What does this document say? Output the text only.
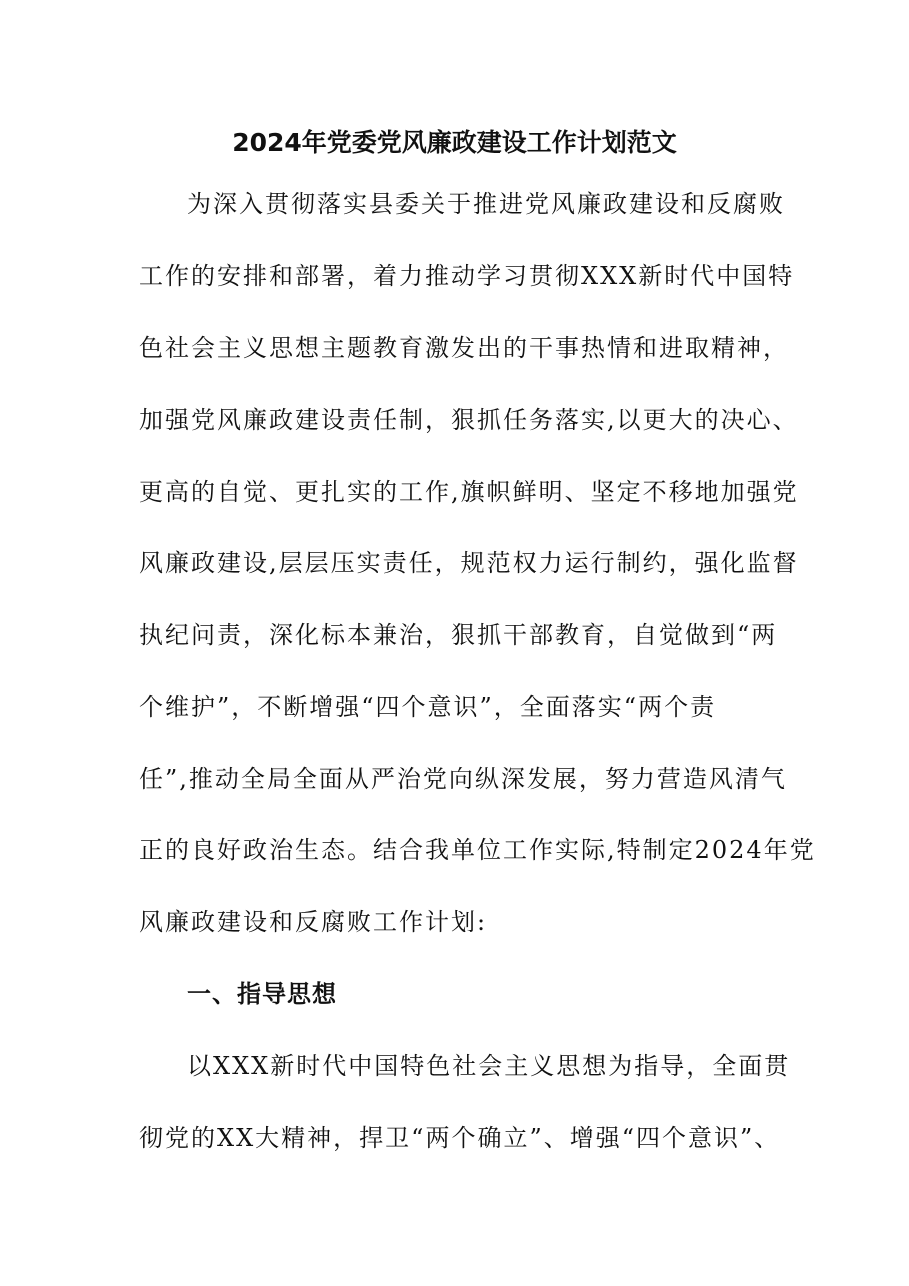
2024年党委党风廉政建设工作计划范文
为深入贯彻落实县委关于推进党风廉政建设和反腐败
工作的安排和部署，着力推动学习贯彻XXX新时代中国特
色社会主义思想主题教育激发出的干事热情和进取精神，
加强党风廉政建设责任制，狠抓任务落实,以更大的决心、
更高的自觉、更扎实的工作,旗帜鲜明、坚定不移地加强党
风廉政建设,层层压实责任，规范权力运行制约，强化监督
执纪问责，深化标本兼治，狠抓干部教育，自觉做到“两
个维护”，不断增强“四个意识”，全面落实“两个责
任”,推动全局全面从严治党向纵深发展，努力营造风清气
正的良好政治生态。结合我单位工作实际,特制定2024年党
风廉政建设和反腐败工作计划:
一、指导思想
以XXX新时代中国特色社会主义思想为指导，全面贯
彻党的XX大精神，捍卫“两个确立”、增强“四个意识”、
